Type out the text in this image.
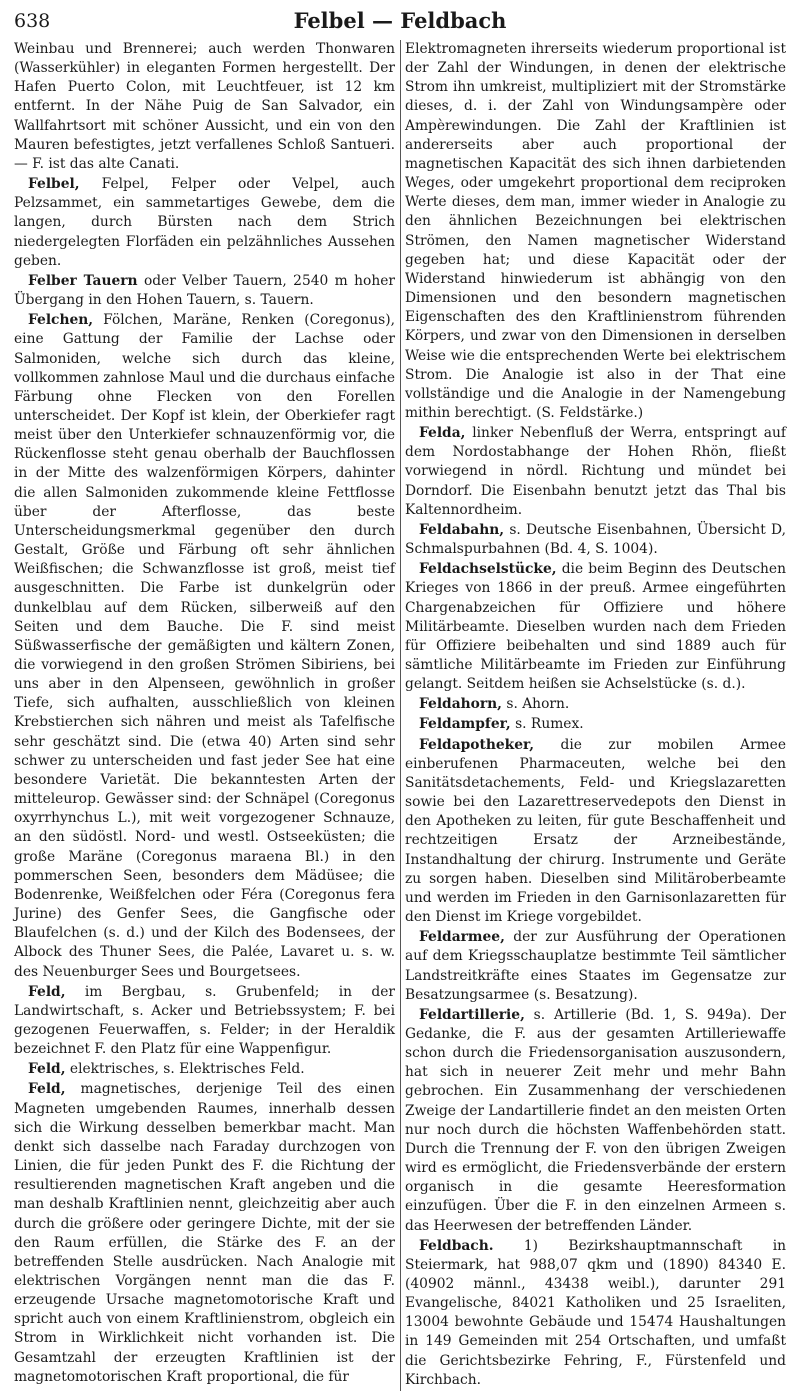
638	Felbel — Feldbach

Weinbau und Brennerei; auch werden Thonwaren (Wasserkühler) in eleganten Formen hergestellt. Der Hafen Puerto Colon, mit Leuchtfeuer, ist 12 km entfernt. In der Nähe Puig de San Salvador, ein Wallfahrtsort mit schöner Aussicht, und ein von den Mauren befestigtes, jetzt verfallenes Schloß Santueri. — F. ist das alte Canati.

Felbel, Felpel, Felper oder Velpel, auch Pelzsammet, ein sammetartiges Gewebe, dem die langen, durch Bürsten nach dem Strich niedergelegten Florfäden ein pelzähnliches Aussehen geben.

Felber Tauern oder Velber Tauern, 2540 m hoher Übergang in den Hohen Tauern, s. Tauern.

Felchen, Fölchen, Maräne, Renken (Coregonus), eine Gattung der Familie der Lachse oder Salmoniden, welche sich durch das kleine, vollkommen zahnlose Maul und die durchaus einfache Färbung ohne Flecken von den Forellen unterscheidet. Der Kopf ist klein, der Oberkiefer ragt meist über den Unterkiefer schnauzenförmig vor, die Rückenflosse steht genau oberhalb der Bauchflossen in der Mitte des walzenförmigen Körpers, dahinter die allen Salmoniden zukommende kleine Fettflosse über der Afterflosse, das beste Unterscheidungsmerkmal gegenüber den durch Gestalt, Größe und Färbung oft sehr ähnlichen Weißfischen; die Schwanzflosse ist groß, meist tief ausgeschnitten. Die Farbe ist dunkelgrün oder dunkelblau auf dem Rücken, silberweiß auf den Seiten und dem Bauche. Die F. sind meist Süßwasserfische der gemäßigten und kältern Zonen, die vorwiegend in den großen Strömen Sibiriens, bei uns aber in den Alpenseen, gewöhnlich in großer Tiefe, sich aufhalten, ausschließlich von kleinen Krebstierchen sich nähren und meist als Tafelfische sehr geschätzt sind. Die (etwa 40) Arten sind sehr schwer zu unterscheiden und fast jeder See hat eine besondere Varietät. Die bekanntesten Arten der mitteleurop. Gewässer sind: der Schnäpel (Coregonus oxyrrhynchus L.), mit weit vorgezogener Schnauze, an den südöstl. Nord- und westl. Ostseeküsten; die große Maräne (Coregonus maraena Bl.) in den pommerschen Seen, besonders dem Mädüsee; die Bodenrenke, Weißfelchen oder Féra (Coregonus fera Jurine) des Genfer Sees, die Gangfische oder Blaufelchen (s. d.) und der Kilch des Bodensees, der Albock des Thuner Sees, die Palée, Lavaret u. s. w. des Neuenburger Sees und Bourgetsees.

Feld, im Bergbau, s. Grubenfeld; in der Landwirtschaft, s. Acker und Betriebssystem; F. bei gezogenen Feuerwaffen, s. Felder; in der Heraldik bezeichnet F. den Platz für eine Wappenfigur.

Feld, elektrisches, s. Elektrisches Feld.

Feld, magnetisches, derjenige Teil des einen Magneten umgebenden Raumes, innerhalb dessen sich die Wirkung desselben bemerkbar macht. Man denkt sich dasselbe nach Faraday durchzogen von Linien, die für jeden Punkt des F. die Richtung der resultierenden magnetischen Kraft angeben und die man deshalb Kraftlinien nennt, gleichzeitig aber auch durch die größere oder geringere Dichte, mit der sie den Raum erfüllen, die Stärke des F. an der betreffenden Stelle ausdrücken. Nach Analogie mit elektrischen Vorgängen nennt man die das F. erzeugende Ursache magnetomotorische Kraft und spricht auch von einem Kraftlinienstrom, obgleich ein Strom in Wirklichkeit nicht vorhanden ist. Die Gesamtzahl der erzeugten Kraftlinien ist der magnetomotorischen Kraft proportional, die für

Elektromagneten ihrerseits wiederum proportional ist der Zahl der Windungen, in denen der elektrische Strom ihn umkreist, multipliziert mit der Stromstärke dieses, d. i. der Zahl von Windungsampère oder Ampèrewindungen. Die Zahl der Kraftlinien ist andererseits aber auch proportional der magnetischen Kapacität des sich ihnen darbietenden Weges, oder umgekehrt proportional dem reciproken Werte dieses, dem man, immer wieder in Analogie zu den ähnlichen Bezeichnungen bei elektrischen Strömen, den Namen magnetischer Widerstand gegeben hat; und diese Kapacität oder der Widerstand hinwiederum ist abhängig von den Dimensionen und den besondern magnetischen Eigenschaften des den Kraftlinienstrom führenden Körpers, und zwar von den Dimensionen in derselben Weise wie die entsprechenden Werte bei elektrischem Strom. Die Analogie ist also in der That eine vollständige und die Analogie in der Namengebung mithin berechtigt. (S. Feldstärke.)

Felda, linker Nebenfluß der Werra, entspringt auf dem Nordostabhange der Hohen Rhön, fließt vorwiegend in nördl. Richtung und mündet bei Dorndorf. Die Eisenbahn benutzt jetzt das Thal bis Kaltennordheim.

Feldabahn, s. Deutsche Eisenbahnen, Übersicht D, Schmalspurbahnen (Bd. 4, S. 1004).

Feldachselstücke, die beim Beginn des Deutschen Krieges von 1866 in der preuß. Armee eingeführten Chargenabzeichen für Offiziere und höhere Militärbeamte. Dieselben wurden nach dem Frieden für Offiziere beibehalten und sind 1889 auch für sämtliche Militärbeamte im Frieden zur Einführung gelangt. Seitdem heißen sie Achselstücke (s. d.).

Feldahorn, s. Ahorn.

Feldampfer, s. Rumex.

Feldapotheker, die zur mobilen Armee einberufenen Pharmaceuten, welche bei den Sanitätsdetachements, Feld- und Kriegslazaretten sowie bei den Lazarettreservedepots den Dienst in den Apotheken zu leiten, für gute Beschaffenheit und rechtzeitigen Ersatz der Arzneibestände, Instandhaltung der chirurg. Instrumente und Geräte zu sorgen haben. Dieselben sind Militärobеrbeamte und werden im Frieden in den Garnisonlazaretten für den Dienst im Kriege vorgebildet.

Feldarmee, der zur Ausführung der Operationen auf dem Kriegsschauplatze bestimmte Teil sämtlicher Landstreitkräfte eines Staates im Gegensatze zur Besatzungsarmee (s. Besatzung).

Feldartillerie, s. Artillerie (Bd. 1, S. 949a). Der Gedanke, die F. aus der gesamten Artilleriewaffe schon durch die Friedensorganisation auszusondern, hat sich in neuerer Zeit mehr und mehr Bahn gebrochen. Ein Zusammenhang der verschiedenen Zweige der Landartillerie findet an den meisten Orten nur noch durch die höchsten Waffenbehörden statt. Durch die Trennung der F. von den übrigen Zweigen wird es ermöglicht, die Friedensverbände der erstern organisch in die gesamte Heeresformation einzufügen. Über die F. in den einzelnen Armeen s. das Heerwesen der betreffenden Länder.

Feldbach. 1) Bezirkshauptmannschaft in Steiermark, hat 988,07 qkm und (1890) 84340 E. (40902 männl., 43438 weibl.), darunter 291 Evangelische, 84021 Katholiken und 25 Israeliten, 13004 bewohnte Gebäude und 15474 Haushaltungen in 149 Gemeinden mit 254 Ortschaften, und umfaßt die Gerichtsbezirke Fehring, F., Fürstenfeld und Kirchbach.
